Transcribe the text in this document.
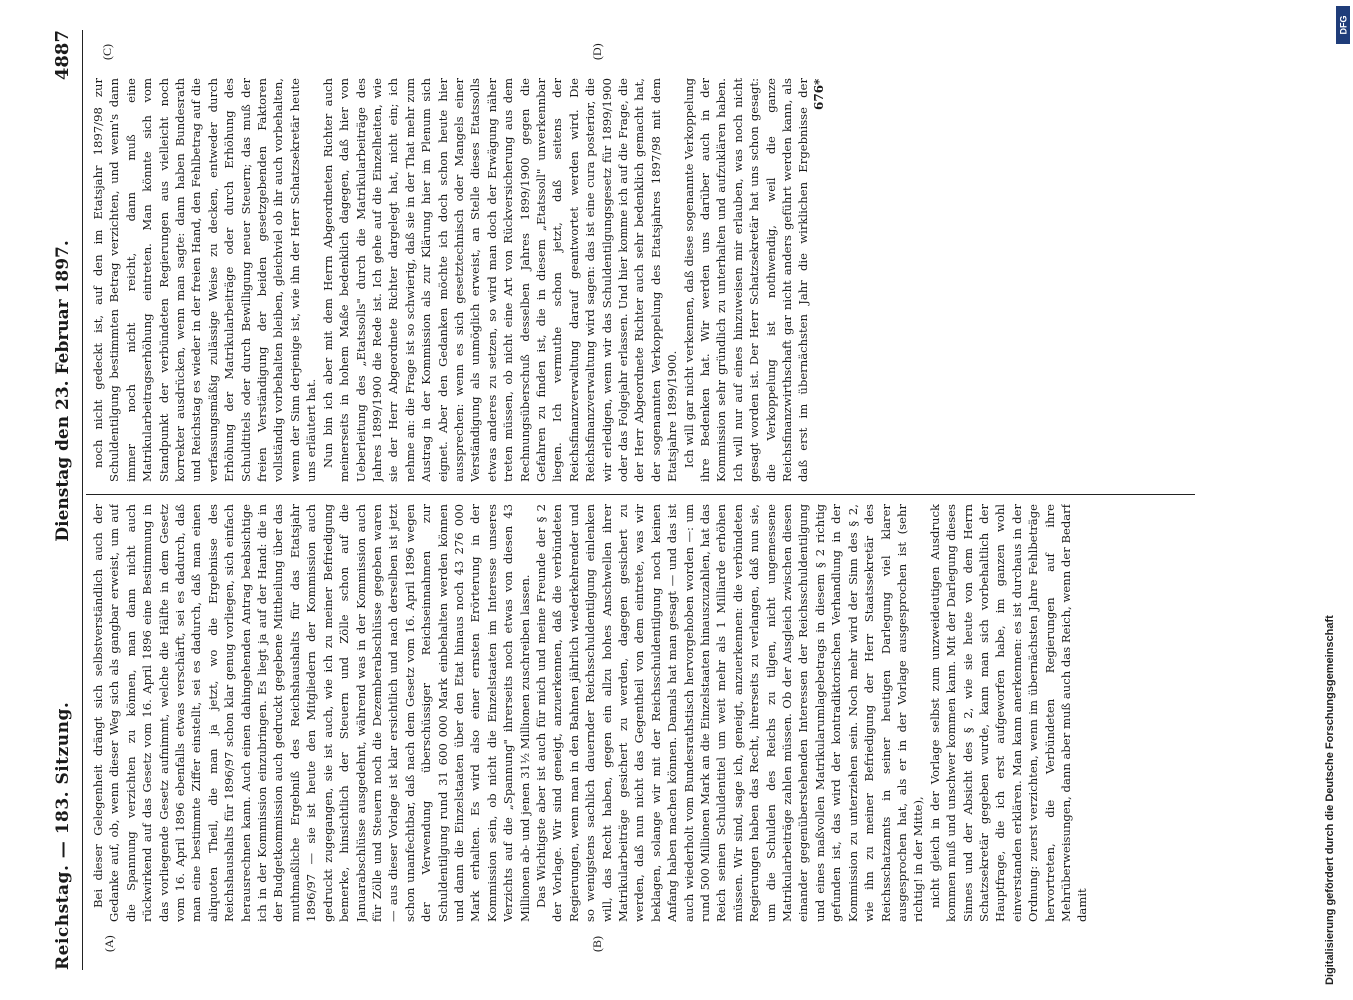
Reichstag. — 183. Sitzung.
Dienstag den 23. Februar 1897.
4887
(A)	(B)
(C)	(D)

Bei dieser Gelegenheit drängt sich selbstverständlich auch der Gedanke auf, ob, wenn dieser Weg sich als gangbar erweist, um auf die Spannung verzichten zu können, man dann nicht auch rückwirkend auf das Gesetz vom 16. April 1896 eine Bestimmung in das vorliegende Gesetz aufnimmt, welche die Hälfte in dem Gesetz vom 16. April 1896 ebenfalls etwas verschärft, sei es dadurch, daß man eine bestimmte Ziffer einstellt, sei es dadurch, daß man einen aliquoten Theil, die man ja jetzt, wo die Ergebnisse des Reichshaushalts für 1896/97 schon klar genug vorliegen, sich einfach herausrechnen kann. Auch einen dahingehenden Antrag beabsichtige ich in der Kommission einzubringen. Es liegt ja auf der Hand: die in der Budgetkommission auch gedruckt gegebene Mittheilung über das muthmaßliche Ergebniß des Reichshaushalts für das Etatsjahr 1896/97 — sie ist heute den Mitgliedern der Kommission auch gedruckt zugegangen, sie ist auch, wie ich zu meiner Befriedigung bemerke, hinsichtlich der Steuern und Zölle schon auf die Januarabschlüsse ausgedehnt, während was in der Kommission auch für Zölle und Steuern noch die Dezemberabschlüsse gegeben waren — aus dieser Vorlage ist klar ersichtlich und nach derselben ist jetzt schon unanfechtbar, daß nach dem Gesetz vom 16. April 1896 wegen der Verwendung überschüssiger Reichseinnahmen zur Schuldentilgung rund 31 600 000 Mark einbehalten werden können und dann die Einzelstaaten über den Etat hinaus noch 43 276 000 Mark erhalten. Es wird also einer ernsten Erörterung in der Kommission sein, ob nicht die Einzelstaaten im Interesse unseres Verzichts auf die „Spannung" ihrerseits noch etwas von diesen 43 Millionen ab- und jenen 31½ Millionen zuschreiben lassen. Das Wichtigste aber ist auch für mich und meine Freunde der § 2 der Vorlage. Wir sind geneigt, anzuerkennen, daß die verbündeten Regierungen, wenn man in den Bahnen jährlich wiederkehrender und so wenigstens sachlich dauernder Reichsschuldentilgung einlenken will, das Recht haben, gegen ein allzu hohes Anschwellen ihrer Matrikularbeiträge gesichert zu werden, dagegen gesichert zu werden, daß nun nicht das Gegentheil von dem eintrete, was wir beklagen, solange wir mit der Reichsschuldentilgung noch keinen Anfang haben machen können. Damals hat man gesagt — und das ist auch wiederholt vom Bundesrathstisch hervorgehoben worden —: um rund 500 Millionen Mark an die Einzelstaaten hinauszuzahlen, hat das Reich seinen Schuldentitel um weit mehr als 1 Milliarde erhöhen müssen. Wir sind, sage ich, geneigt, anzuerkennen: die verbündeten Regierungen haben das Recht, ihrerseits zu verlangen, daß nun sie, um die Schulden des Reichs zu tilgen, nicht ungemessene Matrikularbeiträge zahlen müssen. Ob der Ausgleich zwischen diesen einander gegenüberstehenden Interessen der Reichsschuldentilgung und eines maßvollen Matrikularumlagebetrags in diesem § 2 richtig gefunden ist, das wird der kontradiktorischen Verhandlung in der Kommission zu unterziehen sein. Noch mehr wird der Sinn des § 2, wie ihn zu meiner Befriedigung der Herr Staatssekretär des Reichsschatzamts in seiner heutigen Darlegung viel klarer ausgesprochen hat, als er in der Vorlage ausgesprochen ist (sehr richtig! in der Mitte), nicht gleich in der Vorlage selbst zum unzweideutigen Ausdruck kommen muß und unschwer kommen kann. Mit der Darlegung dieses Sinnes und der Absicht des § 2, wie sie heute von dem Herrn Schatzsekretär gegeben wurde, kann man sich vorbehaltlich der Hauptfrage, die ich erst aufgeworfen habe, im ganzen wohl einverstanden erklären. Man kann anerkennen: es ist durchaus in der Ordnung: zuerst verzichten, wenn im übernächsten Jahre Fehlbeträge hervortreten, die Verbündeten Regierungen auf ihre Mehrüberweisungen, dann aber muß auch das Reich, wenn der Bedarf damit

noch nicht gedeckt ist, auf den im Etatsjahr 1897/98 zur Schuldentilgung bestimmten Betrag verzichten, und wenn's dann immer noch nicht reicht, dann muß eine Matrikularbeitragserhöhung eintreten. Man könnte sich vom Standpunkt der verbündeten Regierungen aus vielleicht noch korrekter ausdrücken, wenn man sagte: dann haben Bundesrath und Reichstag es wieder in der freien Hand, den Fehlbetrag auf die verfassungsmäßig zulässige Weise zu decken, entweder durch Erhöhung der Matrikularbeiträge oder durch Erhöhung des Schuldtitels oder durch Bewilligung neuer Steuern; das muß der freien Verständigung der beiden gesetzgebenden Faktoren vollständig vorbehalten bleiben, gleichviel ob ihr auch vorbehalten, wenn der Sinn derjenige ist, wie ihn der Herr Schatzsekretär heute uns erläutert hat. Nun bin ich aber mit dem Herrn Abgeordneten Richter auch meinerseits in hohem Maße bedenklich dagegen, daß hier von Ueberleitung des „Etatssolls" durch die Matrikularbeiträge des Jahres 1899/1900 die Rede ist. Ich gehe auf die Einzelheiten, wie sie der Herr Abgeordnete Richter dargelegt hat, nicht ein; ich nehme an: die Frage ist so schwierig, daß sie in der That mehr zum Austrag in der Kommission als zur Klärung hier im Plenum sich eignet. Aber den Gedanken möchte ich doch schon heute hier aussprechen: wenn es sich gesetztechnisch oder Mangels einer Verständigung als unmöglich erweist, an Stelle dieses Etatssolls etwas anderes zu setzen, so wird man doch der Erwägung näher treten müssen, ob nicht eine Art von Rückversicherung aus dem Rechnungsüberschuß desselben Jahres 1899/1900 gegen die Gefahren zu finden ist, die in diesem „Etatssoll" unverkennbar liegen. Ich vermuthe schon jetzt, daß seitens der Reichsfinanzverwaltung darauf geantwortet werden wird. Die Reichsfinanzverwaltung wird sagen: das ist eine cura posterior, die wir erledigen, wenn wir das Schuldentilgungsgesetz für 1899/1900 oder das Folgejahr erlassen. Und hier komme ich auf die Frage, die der Herr Abgeordnete Richter auch sehr bedenklich gemacht hat, der sogenannten Verkoppelung des Etatsjahres 1897/98 mit dem Etatsjahre 1899/1900. Ich will gar nicht verkennen, daß diese sogenannte Verkoppelung ihre Bedenken hat. Wir werden uns darüber auch in der Kommission sehr gründlich zu unterhalten und aufzuklären haben. Ich will nur auf eines hinzuweisen mir erlauben, was noch nicht gesagt worden ist. Der Herr Schatzsekretär hat uns schon gesagt: die Verkoppelung ist nothwendig, weil die ganze Reichsfinanzwirthschaft gar nicht anders geführt werden kann, als daß erst im übernächsten Jahr die wirklichen Ergebnisse der 676*
Digitalisierung gefördert durch die Deutsche Forschungsgemeinschaft
DFG
